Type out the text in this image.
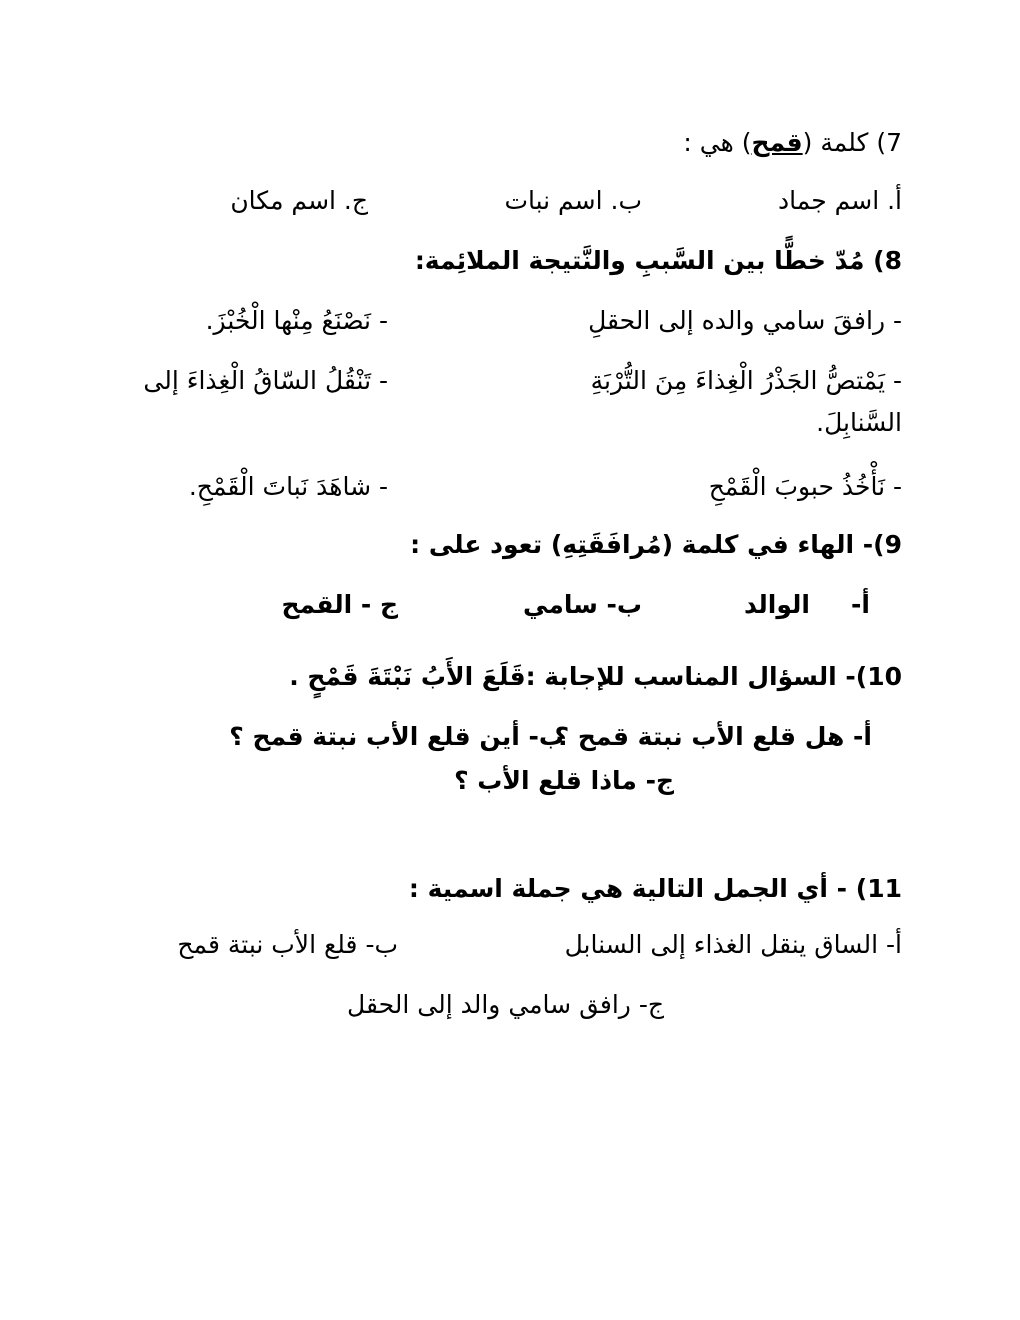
7) كلمة (قمح) هي :
أ. اسم جماد
ب. اسم نبات
ج. اسم مكان
8) مُدّ خطًّا بين السَّببِ والنَّتيجة الملائِمة:
- رافقَ سامي والده إلى الحقلِ
- نَصْنَعُ مِنْها الْخُبْزَ.
- يَمْتصُّ الجَذْرُ الْغِذاءَ مِنَ التُّرْبَةِ
- تَنْقُلُ السّاقُ الْغِذاءَ إلى
السَّنابِلَ.
- نَأْخُذُ حبوبَ الْقَمْحِ
- شاهَدَ نَباتَ الْقَمْحِ.
9)- الهاء في كلمة (مُرافَقَتِهِ) تعود على :
أ-
الوالد
ب- سامي
ج - القمح
10)- السؤال المناسب للإجابة :قَلَعَ الأَبُ نَبْتَةَ قَمْحٍ .
أ- هل قلع الأب نبتة قمح ؟
ب- أين قلع الأب نبتة قمح ؟
ج- ماذا قلع الأب ؟
11) - أي الجمل التالية هي جملة اسمية :
أ- الساق ينقل الغذاء إلى السنابل
ب- قلع الأب نبتة قمح
ج- رافق سامي والد إلى الحقل
